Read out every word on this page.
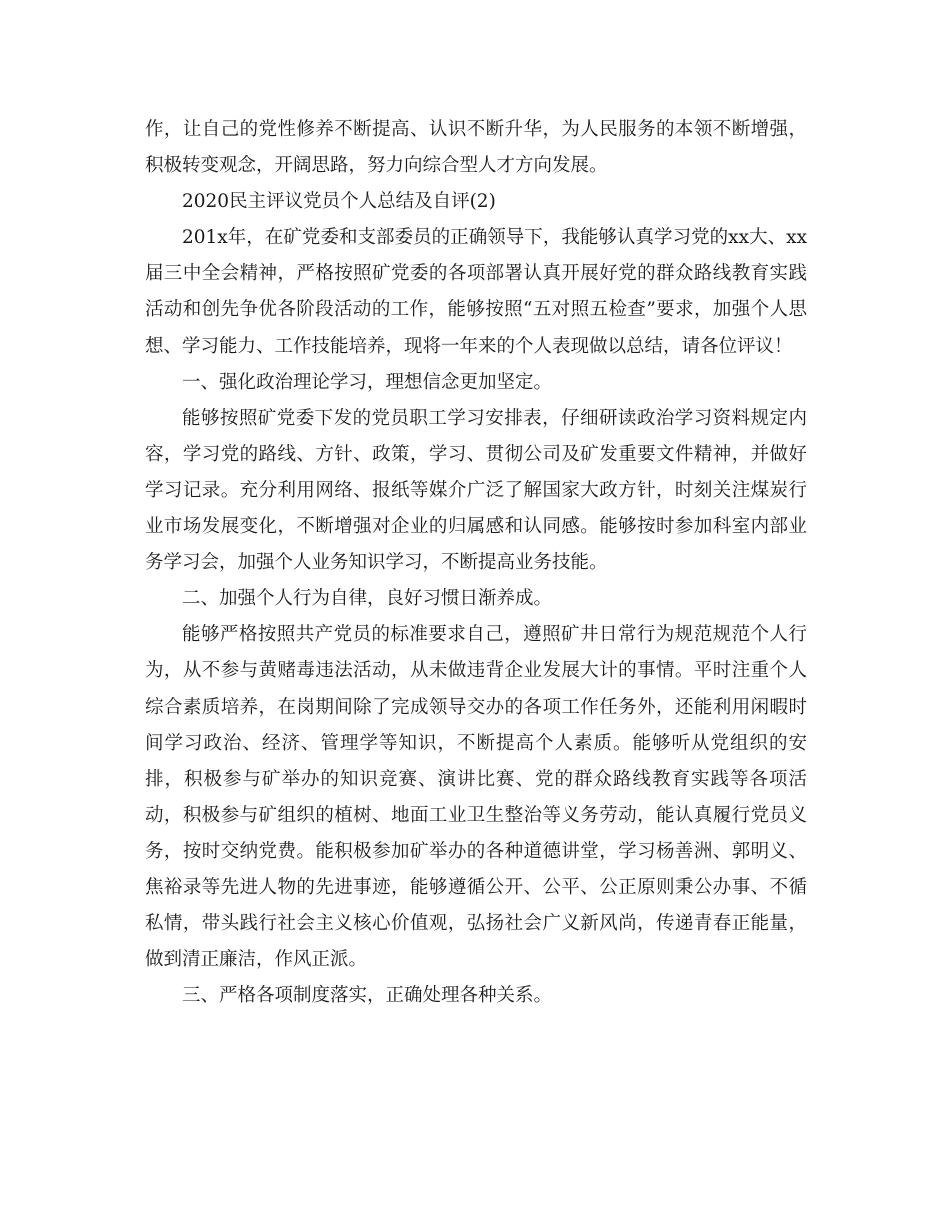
作，让自己的党性修养不断提高、认识不断升华，为人民服务的本领不断增强，积极转变观念，开阔思路，努力向综合型人才方向发展。

2020民主评议党员个人总结及自评(2)

201x年，在矿党委和支部委员的正确领导下，我能够认真学习党的xx大、xx届三中全会精神，严格按照矿党委的各项部署认真开展好党的群众路线教育实践活动和创先争优各阶段活动的工作，能够按照“五对照五检查”要求，加强个人思想、学习能力、工作技能培养，现将一年来的个人表现做以总结，请各位评议！

一、强化政治理论学习，理想信念更加坚定。

能够按照矿党委下发的党员职工学习安排表，仔细研读政治学习资料规定内容，学习党的路线、方针、政策，学习、贯彻公司及矿发重要文件精神，并做好学习记录。充分利用网络、报纸等媒介广泛了解国家大政方针，时刻关注煤炭行业市场发展变化，不断增强对企业的归属感和认同感。能够按时参加科室内部业务学习会，加强个人业务知识学习，不断提高业务技能。

二、加强个人行为自律，良好习惯日渐养成。

能够严格按照共产党员的标准要求自己，遵照矿井日常行为规范规范个人行为，从不参与黄赌毒违法活动，从未做违背企业发展大计的事情。平时注重个人综合素质培养，在岗期间除了完成领导交办的各项工作任务外，还能利用闲暇时间学习政治、经济、管理学等知识，不断提高个人素质。能够听从党组织的安排，积极参与矿举办的知识竞赛、演讲比赛、党的群众路线教育实践等各项活动，积极参与矿组织的植树、地面工业卫生整治等义务劳动，能认真履行党员义务，按时交纳党费。能积极参加矿举办的各种道德讲堂，学习杨善洲、郭明义、焦裕录等先进人物的先进事迹，能够遵循公开、公平、公正原则秉公办事、不循私情，带头践行社会主义核心价值观，弘扬社会广义新风尚，传递青春正能量，做到清正廉洁，作风正派。

三、严格各项制度落实，正确处理各种关系。
